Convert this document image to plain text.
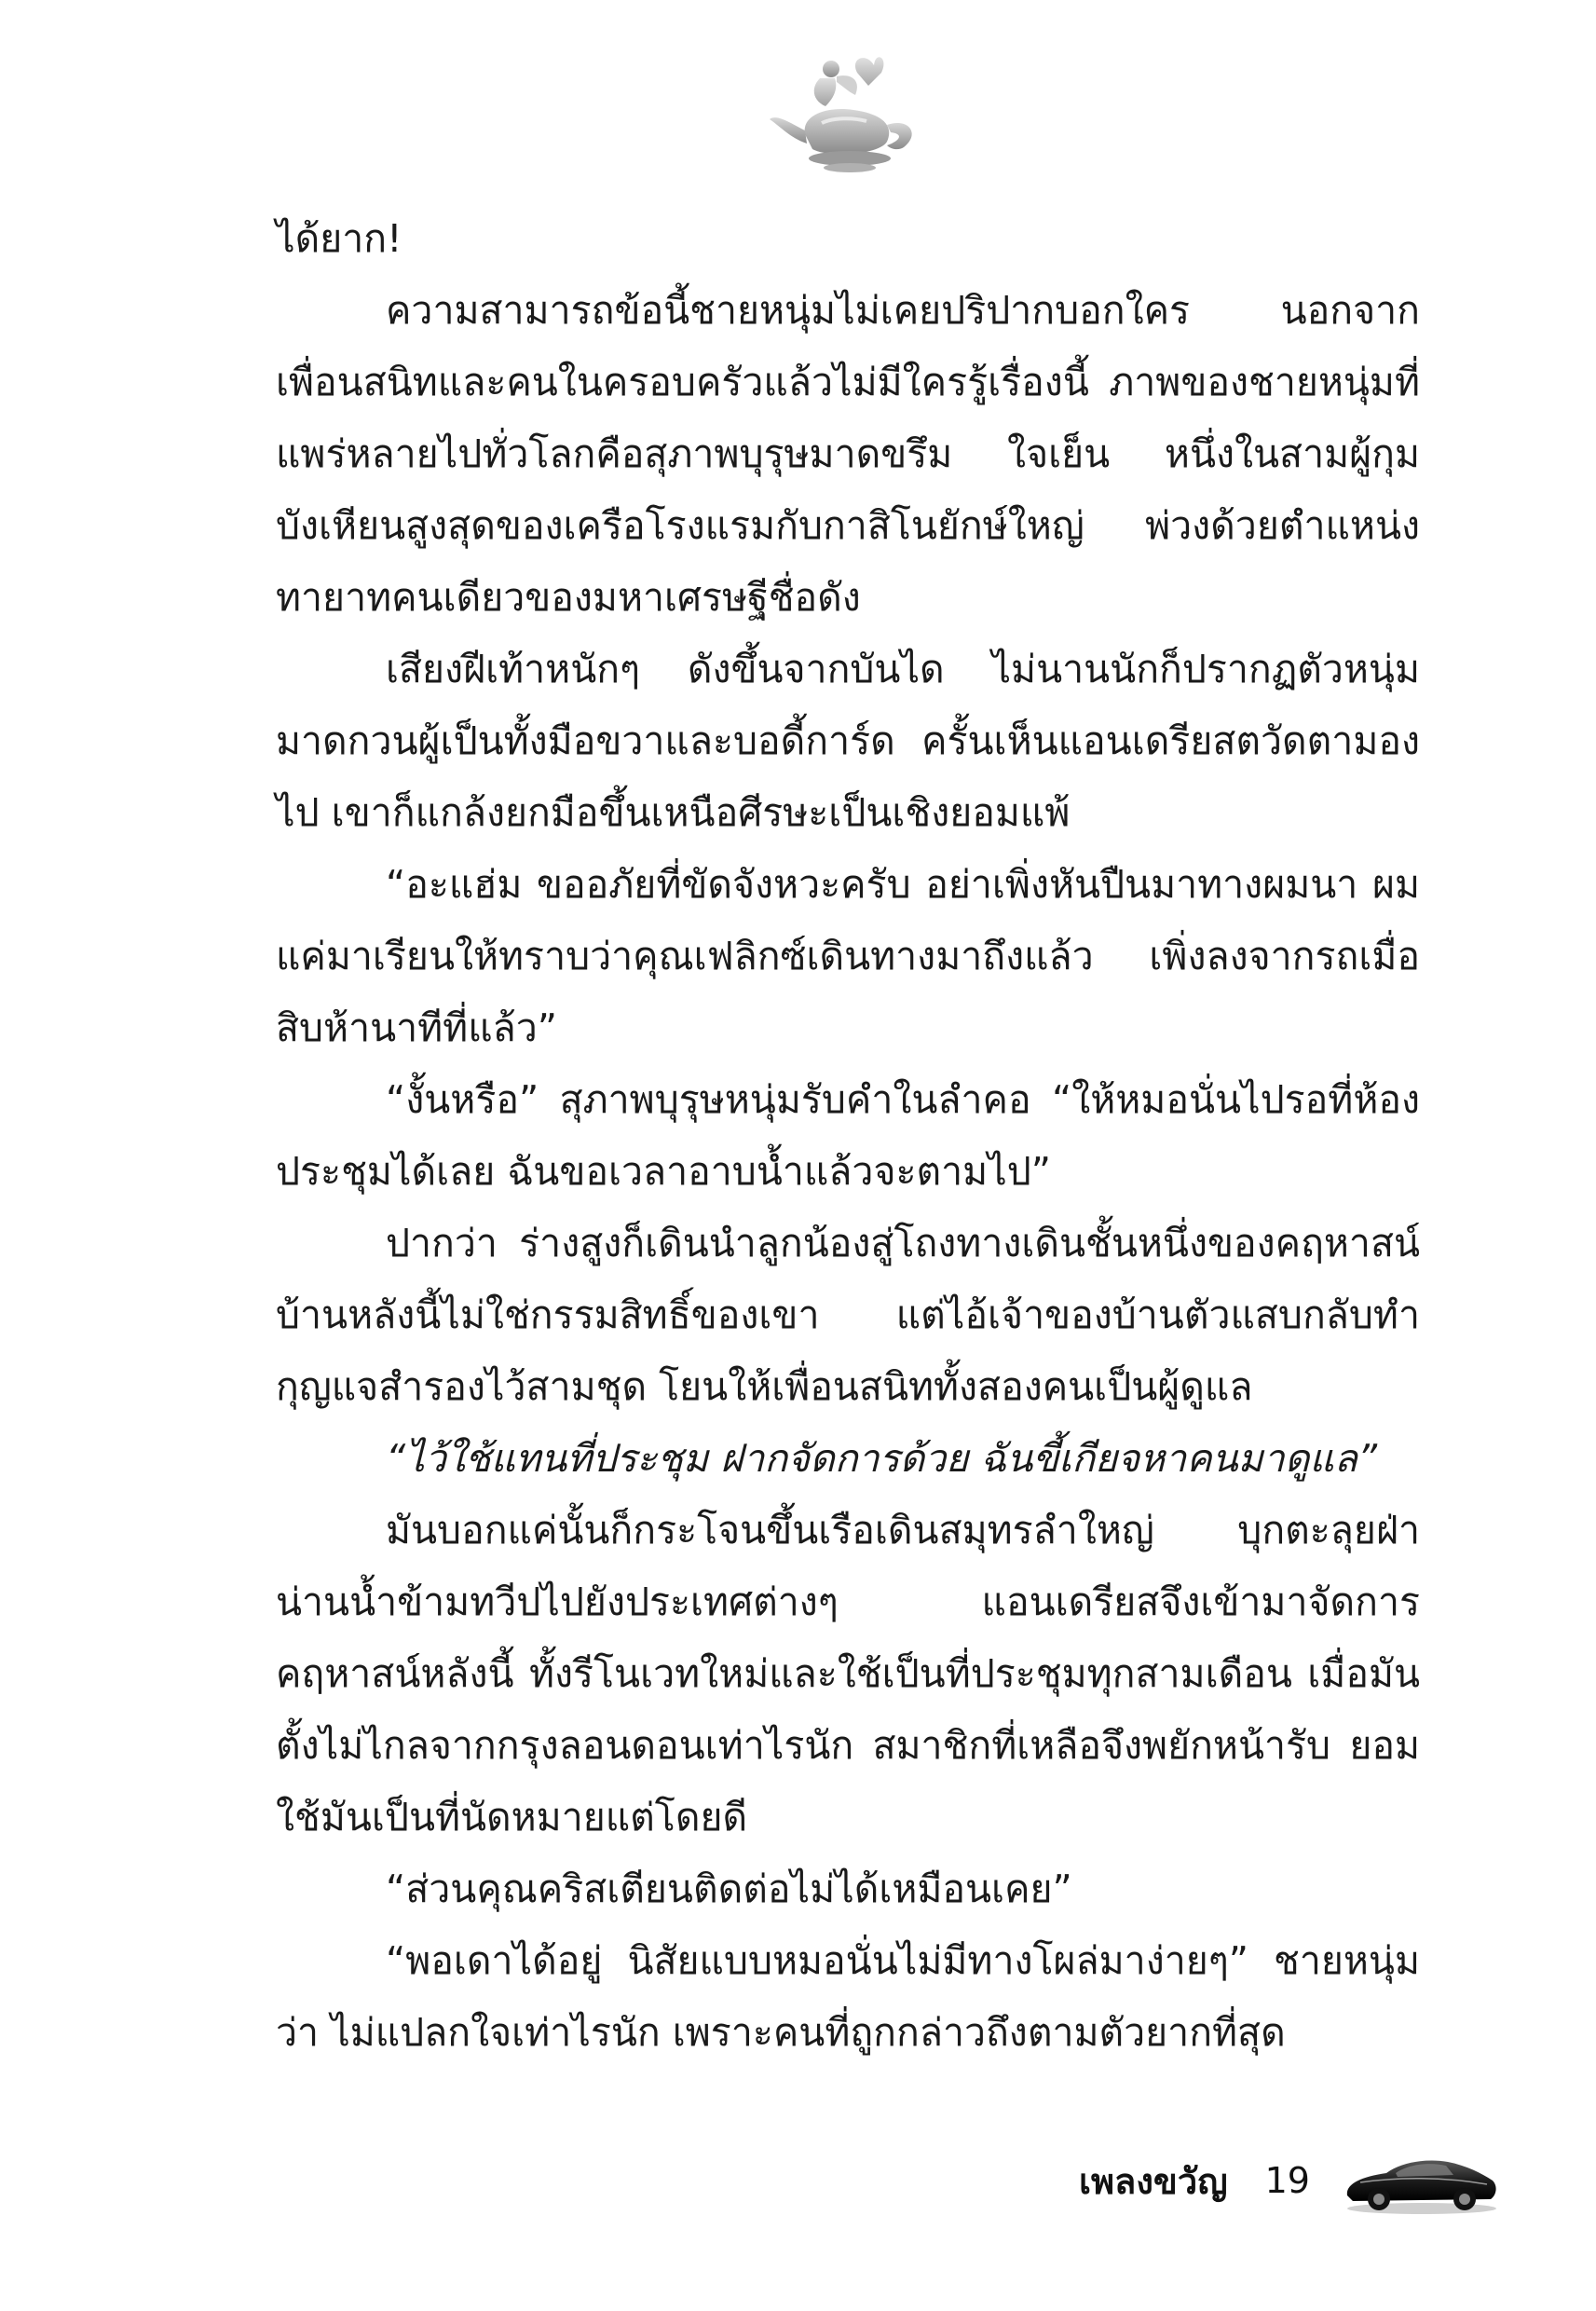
ได้ยาก!

ความสามารถข้อนี้ชายหนุ่มไม่เคยปริปากบอกใคร นอกจากเพื่อนสนิทและคนในครอบครัวแล้วไม่มีใครรู้เรื่องนี้ ภาพของชายหนุ่มที่แพร่หลายไปทั่วโลกคือสุภาพบุรุษมาดขรึม ใจเย็น หนึ่งในสามผู้กุมบังเหียนสูงสุดของเครือโรงแรมกับกาสิโนยักษ์ใหญ่ พ่วงด้วยตำแหน่งทายาทคนเดียวของมหาเศรษฐีชื่อดัง

เสียงฝีเท้าหนักๆ ดังขึ้นจากบันได ไม่นานนักก็ปรากฏตัวหนุ่มมาดกวนผู้เป็นทั้งมือขวาและบอดี้การ์ด ครั้นเห็นแอนเดรียสตวัดตามองไป เขาก็แกล้งยกมือขึ้นเหนือศีรษะเป็นเชิงยอมแพ้

“อะแฮ่ม ขออภัยที่ขัดจังหวะครับ อย่าเพิ่งหันปืนมาทางผมนา ผมแค่มาเรียนให้ทราบว่าคุณเฟลิกซ์เดินทางมาถึงแล้ว เพิ่งลงจากรถเมื่อสิบห้านาทีที่แล้ว”

“งั้นหรือ” สุภาพบุรุษหนุ่มรับคำในลำคอ “ให้หมอนั่นไปรอที่ห้องประชุมได้เลย ฉันขอเวลาอาบน้ำแล้วจะตามไป”

ปากว่า ร่างสูงก็เดินนำลูกน้องสู่โถงทางเดินชั้นหนึ่งของคฤหาสน์ บ้านหลังนี้ไม่ใช่กรรมสิทธิ์ของเขา แต่ไอ้เจ้าของบ้านตัวแสบกลับทำกุญแจสำรองไว้สามชุด โยนให้เพื่อนสนิททั้งสองคนเป็นผู้ดูแล

“ไว้ใช้แทนที่ประชุม ฝากจัดการด้วย ฉันขี้เกียจหาคนมาดูแล”

มันบอกแค่นั้นก็กระโจนขึ้นเรือเดินสมุทรลำใหญ่ บุกตะลุยฝ่าน่านน้ำข้ามทวีปไปยังประเทศต่างๆ แอนเดรียสจึงเข้ามาจัดการคฤหาสน์หลังนี้ ทั้งรีโนเวทใหม่และใช้เป็นที่ประชุมทุกสามเดือน เมื่อมันตั้งไม่ไกลจากกรุงลอนดอนเท่าไรนัก สมาชิกที่เหลือจึงพยักหน้ารับ ยอมใช้มันเป็นที่นัดหมายแต่โดยดี

“ส่วนคุณคริสเตียนติดต่อไม่ได้เหมือนเคย”

“พอเดาได้อยู่ นิสัยแบบหมอนั่นไม่มีทางโผล่มาง่ายๆ” ชายหนุ่มว่า ไม่แปลกใจเท่าไรนัก เพราะคนที่ถูกกล่าวถึงตามตัวยากที่สุด

เพลงขวัญ 19
